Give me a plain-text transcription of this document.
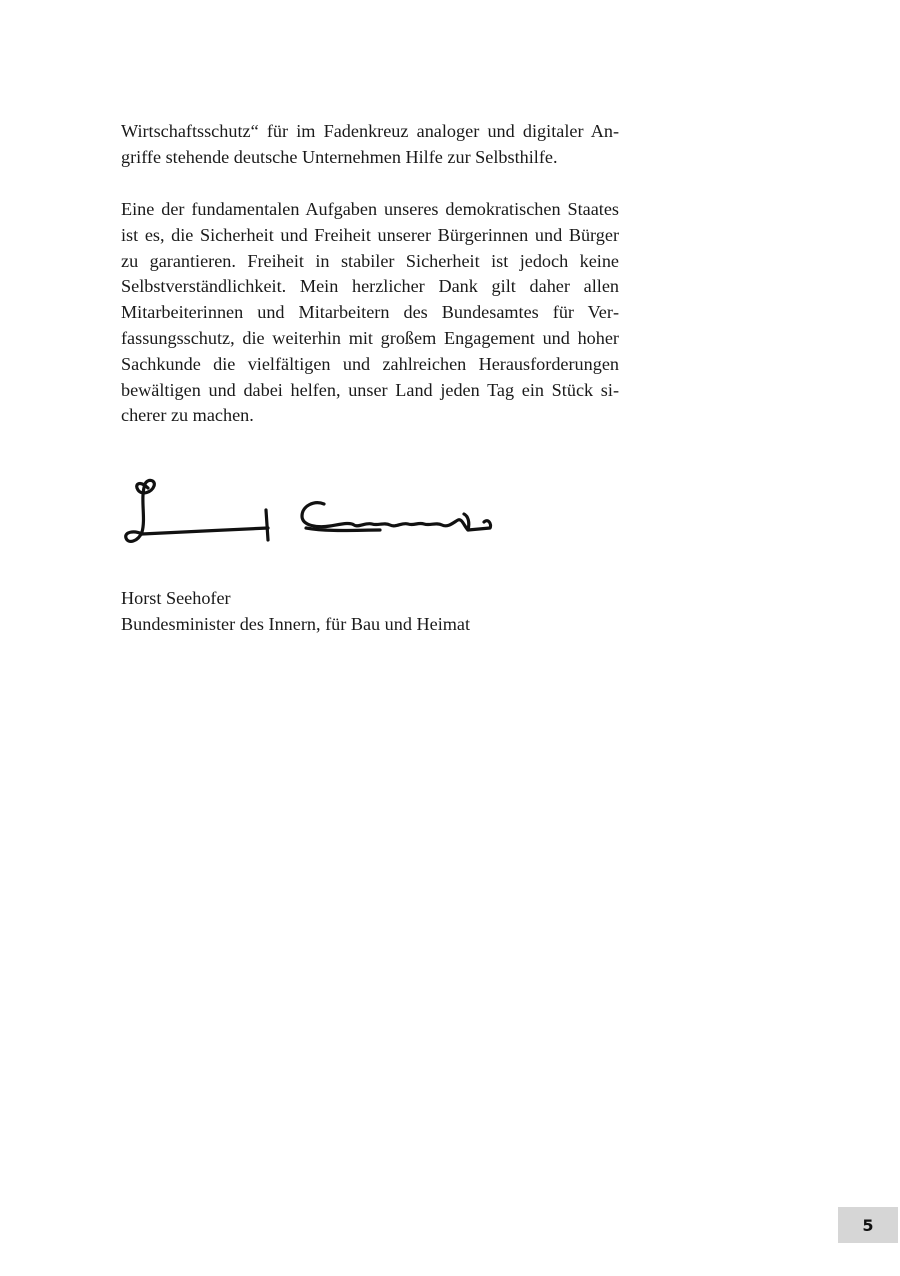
Wirtschaftsschutz“ für im Fadenkreuz analoger und digitaler Angriffe stehende deutsche Unternehmen Hilfe zur Selbsthilfe.

Eine der fundamentalen Aufgaben unseres demokratischen Staates ist es, die Sicherheit und Freiheit unserer Bürgerinnen und Bürger zu garantieren. Freiheit in stabiler Sicherheit ist jedoch keine Selbstverständlichkeit. Mein herzlicher Dank gilt daher allen Mitarbeiterinnen und Mitarbeitern des Bundesamtes für Verfassungsschutz, die weiterhin mit großem Engagement und hoher Sachkunde die vielfältigen und zahlreichen Herausforderungen bewältigen und dabei helfen, unser Land jeden Tag ein Stück sicherer zu machen.

Horst Seehofer
Bundesminister des Innern, für Bau und Heimat
5
